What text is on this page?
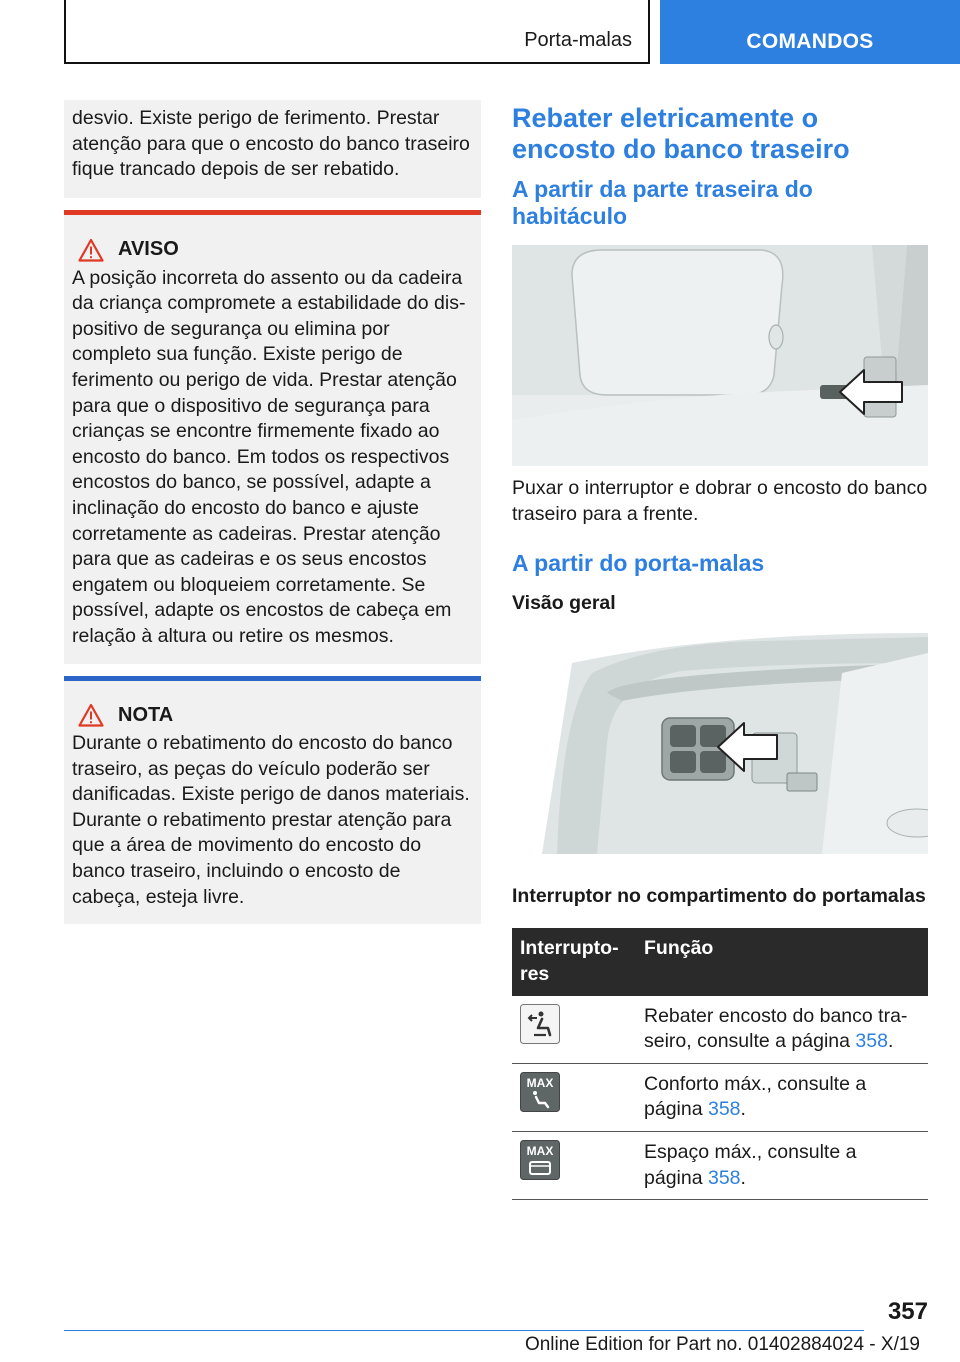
Porta-malas	COMANDOS

desvio. Existe perigo de ferimento. Prestar atenção para que o encosto do banco traseiro fique trancado depois de ser rebatido.

AVISO

A posição incorreta do assento ou da cadeira da criança compromete a estabilidade do dispositivo de segurança ou elimina por completo sua função. Existe perigo de ferimento ou perigo de vida. Prestar atenção para que o dispositivo de segurança para crianças se encontre firmemente fixado ao encosto do banco. Em todos os respectivos encostos do banco, se possível, adapte a inclinação do encosto do banco e ajuste corretamente as cadeiras. Prestar atenção para que as cadeiras e os seus encostos engatem ou bloqueiem corretamente. Se possível, adapte os encostos de cabeça em relação à altura ou retire os mesmos.

NOTA

Durante o rebatimento do encosto do banco traseiro, as peças do veículo poderão ser danificadas. Existe perigo de danos materiais. Durante o rebatimento prestar atenção para que a área de movimento do encosto do banco traseiro, incluindo o encosto de cabeça, esteja livre.

Rebater eletricamente o encosto do banco traseiro
A partir da parte traseira do habitáculo
Puxar o interruptor e dobrar o encosto do banco traseiro para a frente.
A partir do porta-malas
Visão geral
Interruptor no compartimento do portamalas
Interruptores	Função

	Rebater encosto do banco traseiro, consulte a página 358.

MAX	Conforto máx., consulte a página 358.

MAX	Espaço máx., consulte a página 358.
357
Online Edition for Part no. 01402884024 - X/19
